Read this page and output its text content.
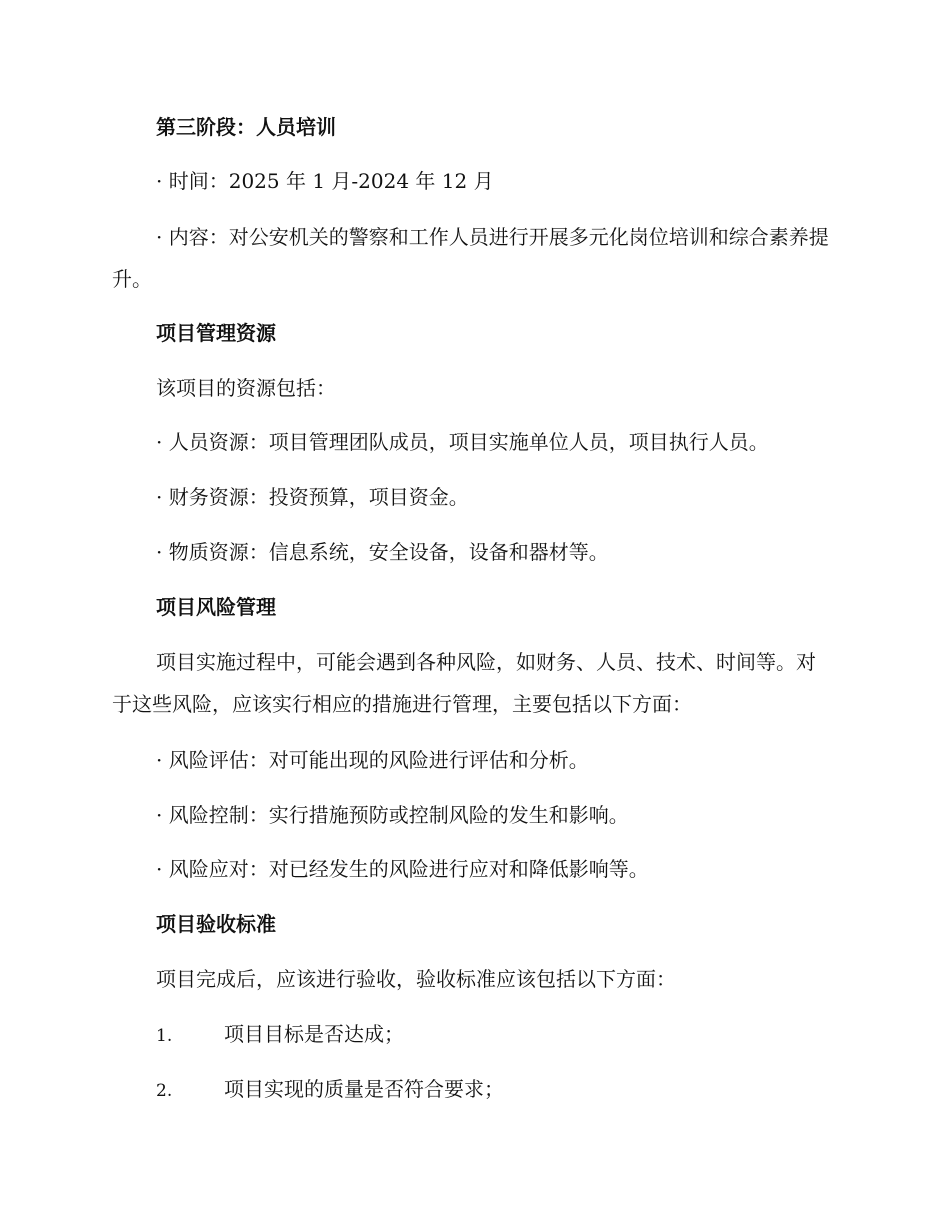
第三阶段：人员培训
· 时间：2025 年 1 月-2024 年 12 月
· 内容：对公安机关的警察和工作人员进行开展多元化岗位培训和综合素养提升。
项目管理资源
该项目的资源包括：
· 人员资源：项目管理团队成员，项目实施单位人员，项目执行人员。
· 财务资源：投资预算，项目资金。
· 物质资源：信息系统，安全设备，设备和器材等。
项目风险管理
项目实施过程中，可能会遇到各种风险，如财务、人员、技术、时间等。对于这些风险，应该实行相应的措施进行管理，主要包括以下方面：
· 风险评估：对可能出现的风险进行评估和分析。
· 风险控制：实行措施预防或控制风险的发生和影响。
· 风险应对：对已经发生的风险进行应对和降低影响等。
项目验收标准
项目完成后，应该进行验收，验收标准应该包括以下方面：
1.	项目目标是否达成；
2.	项目实现的质量是否符合要求；
